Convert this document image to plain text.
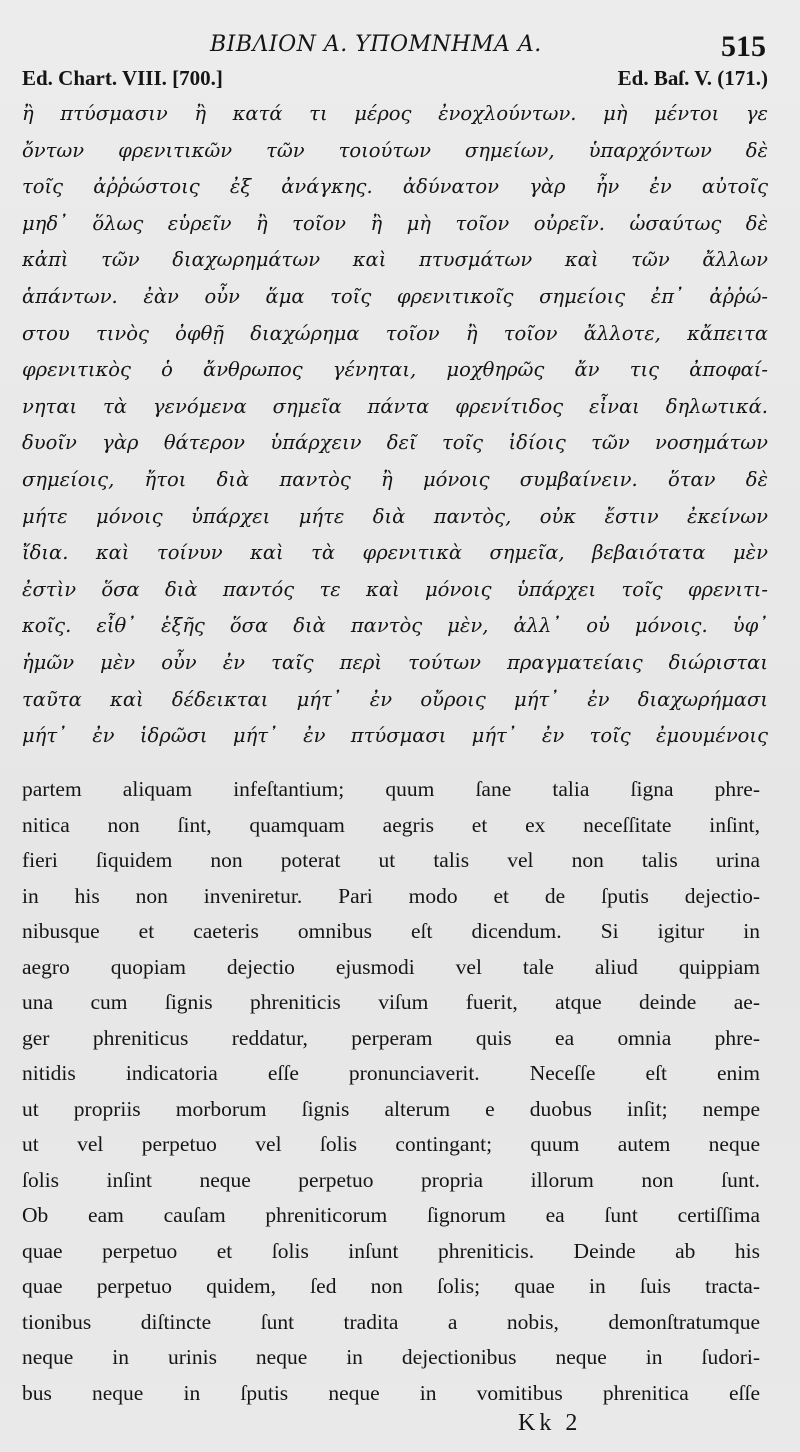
ΒΙΒΛΙΟΝ Α. ΥΠΟΜΝΗΜΑ Α.	515
Ed. Chart. VIII. [700.]	Ed. Baſ. V. (171.)
ἢ πτύσμασιν ἢ κατά τι μέρος ἐνοχλούντων. μὴ μέντοι γε
ὄντων φρενιτικῶν τῶν τοιούτων σημείων, ὑπαρχόντων δὲ
τοῖς ἀῤῥώστοις ἐξ ἀνάγκης. ἀδύνατον γὰρ ἦν ἐν αὐτοῖς
μηδ᾽ ὅλως εὑρεῖν ἢ τοῖον ἢ μὴ τοῖον οὐρεῖν. ὡσαύτως δὲ
κἀπὶ τῶν διαχωρημάτων καὶ πτυσμάτων καὶ τῶν ἄλλων
ἁπάντων. ἐὰν οὖν ἅμα τοῖς φρενιτικοῖς σημείοις ἐπ᾽ ἀῤῥώ-
στου τινὸς ὀφθῇ διαχώρημα τοῖον ἢ τοῖον ἄλλοτε, κἄπειτα
φρενιτικὸς ὁ ἄνθρωπος γένηται, μοχθηρῶς ἄν τις ἀποφαί-
νηται τὰ γενόμενα σημεῖα πάντα φρενίτιδος εἶναι δηλωτικά.
δυοῖν γὰρ θάτερον ὑπάρχειν δεῖ τοῖς ἰδίοις τῶν νοσημάτων
σημείοις, ἤτοι διὰ παντὸς ἢ μόνοις συμβαίνειν. ὅταν δὲ
μήτε μόνοις ὑπάρχει μήτε διὰ παντὸς, οὐκ ἔστιν ἐκείνων
ἴδια. καὶ τοίνυν καὶ τὰ φρενιτικὰ σημεῖα, βεβαιότατα μὲν
ἐστὶν ὅσα διὰ παντός τε καὶ μόνοις ὑπάρχει τοῖς φρενιτι-
κοῖς. εἶθ᾽ ἑξῆς ὅσα διὰ παντὸς μὲν, ἀλλ᾽ οὐ μόνοις. ὑφ᾽
ἡμῶν μὲν οὖν ἐν ταῖς περὶ τούτων πραγματείαις διώρισται
ταῦτα καὶ δέδεικται μήτ᾽ ἐν οὔροις μήτ᾽ ἐν διαχωρήμασι
μήτ᾽ ἐν ἱδρῶσι μήτ᾽ ἐν πτύσμασι μήτ᾽ ἐν τοῖς ἐμουμένοις
partem aliquam infeſtantium; quum ſane talia ſigna phre-
nitica non ſint, quamquam aegris et ex neceſſitate inſint,
fieri ſiquidem non poterat ut talis vel non talis urina
in his non inveniretur. Pari modo et de ſputis dejectio-
nibusque et caeteris omnibus eſt dicendum. Si igitur in
aegro quopiam dejectio ejusmodi vel tale aliud quippiam
una cum ſignis phreniticis viſum fuerit, atque deinde ae-
ger phreniticus reddatur, perperam quis ea omnia phre-
nitidis indicatoria eſſe pronunciaverit. Neceſſe eſt enim
ut propriis morborum ſignis alterum e duobus inſit; nempe
ut vel perpetuo vel ſolis contingant; quum autem neque
ſolis inſint neque perpetuo propria illorum non ſunt.
Ob eam cauſam phreniticorum ſignorum ea ſunt certiſſima
quae perpetuo et ſolis inſunt phreniticis. Deinde ab his
quae perpetuo quidem, ſed non ſolis; quae in ſuis tracta-
tionibus diſtincte ſunt tradita a nobis, demonſtratumque
neque in urinis neque in dejectionibus neque in ſudori-
bus neque in ſputis neque in vomitibus phrenitica eſſe
Kk 2
